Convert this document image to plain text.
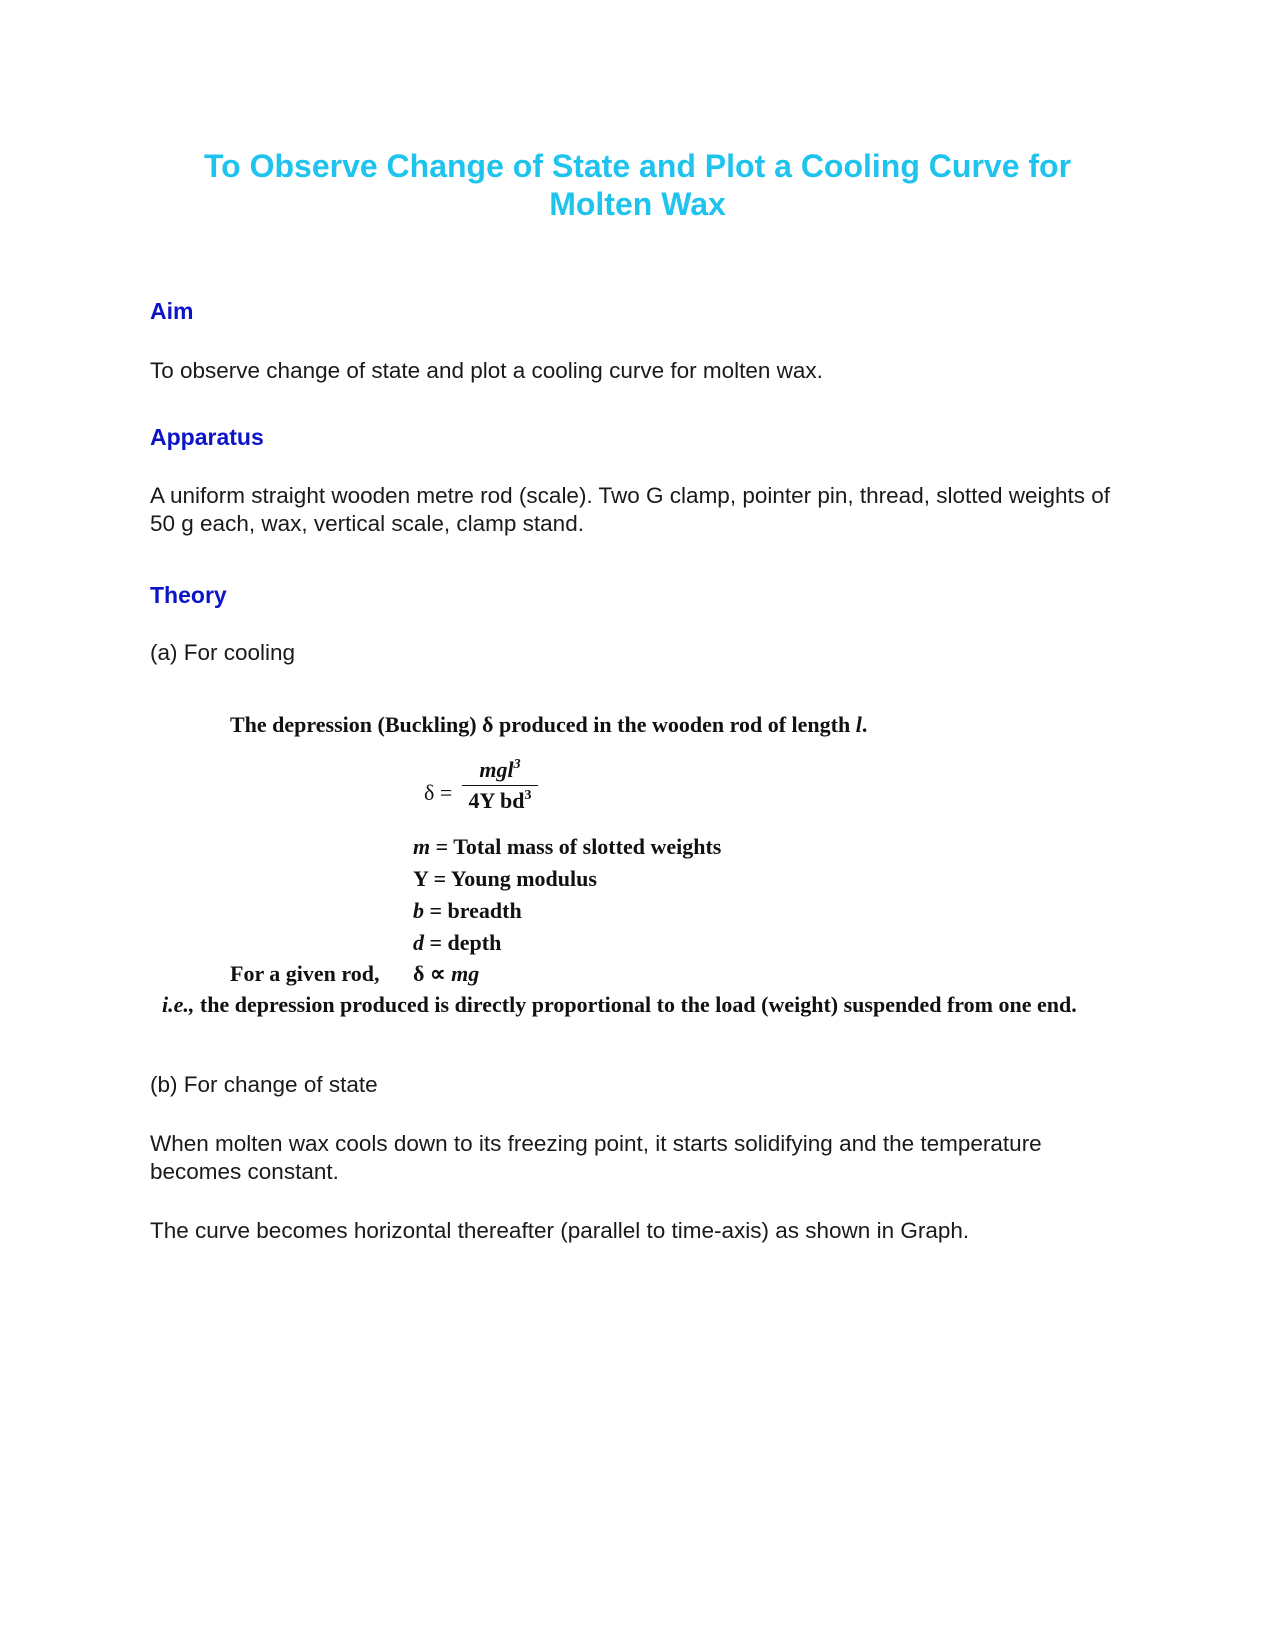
To Observe Change of State and Plot a Cooling Curve for Molten Wax
Aim

To observe change of state and plot a cooling curve for molten wax.

Apparatus

A uniform straight wooden metre rod (scale). Two G clamp, pointer pin, thread, slotted weights of 50 g each, wax, vertical scale, clamp stand.

Theory

(a) For cooling

The depression (Buckling) δ produced in the wooden rod of length l.

δ =

mgl$^3$
4Y $bd^3$

m = Total mass of slotted weights

Y = Young modulus

b = breadth

d = depth

For a given rod, δ ∝ mg

i.e., the depression produced is directly proportional to the load (weight) suspended from one end.

(b) For change of state

When molten wax cools down to its freezing point, it starts solidifying and the temperature becomes constant.

The curve becomes horizontal thereafter (parallel to time-axis) as shown in Graph.
